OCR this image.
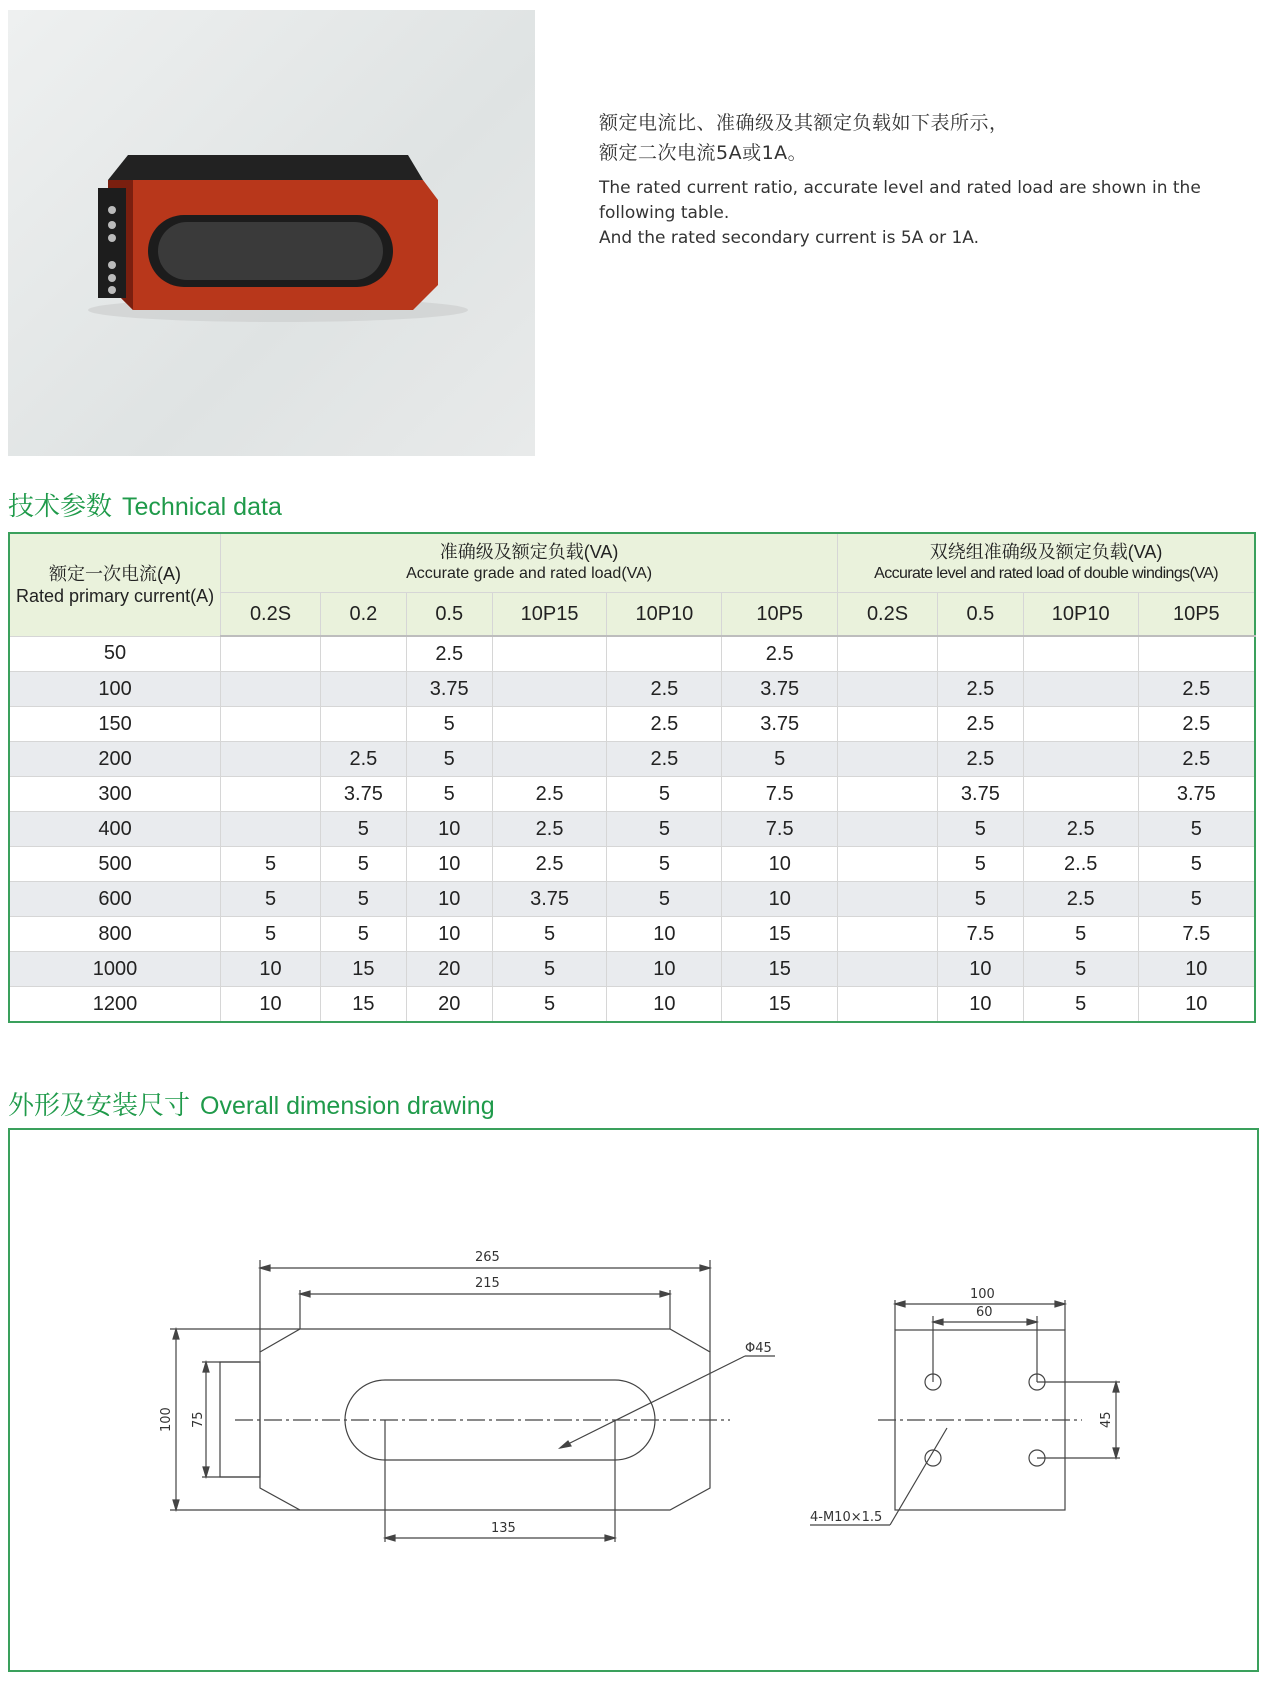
额定电流比、准确级及其额定负载如下表所示，
额定二次电流5A或1A。
The rated current ratio, accurate level and rated load are shown in the following table.
And the rated secondary current is 5A or 1A.
技术参数 Technical data
额定一次电流(A)
Rated primary current(A)	准确级及额定负载(VA)
Accurate grade and rated load(VA)						双绕组准确级及额定负载(VA)
Accurate level and rated load of double windings(VA)			

	0.2S	0.2	0.5	10P15	10P10	10P5	0.2S	0.5	10P10	10P5
50			2.5			2.5				
100			3.75		2.5	3.75		2.5		2.5
150			5		2.5	3.75		2.5		2.5
200		2.5	5		2.5	5		2.5		2.5
300		3.75	5	2.5	5	7.5		3.75		3.75
400		5	10	2.5	5	7.5		5	2.5	5
500	5	5	10	2.5	5	10		5	2..5	5
600	5	5	10	3.75	5	10		5	2.5	5
800	5	5	10	5	10	15		7.5	5	7.5
1000	10	15	20	5	10	15		10	5	10
1200	10	15	20	5	10	15		10	5	10
外形及安装尺寸 Overall dimension drawing
265
215
135
Φ45
100 75
100
60
45
4-M10×1.5
